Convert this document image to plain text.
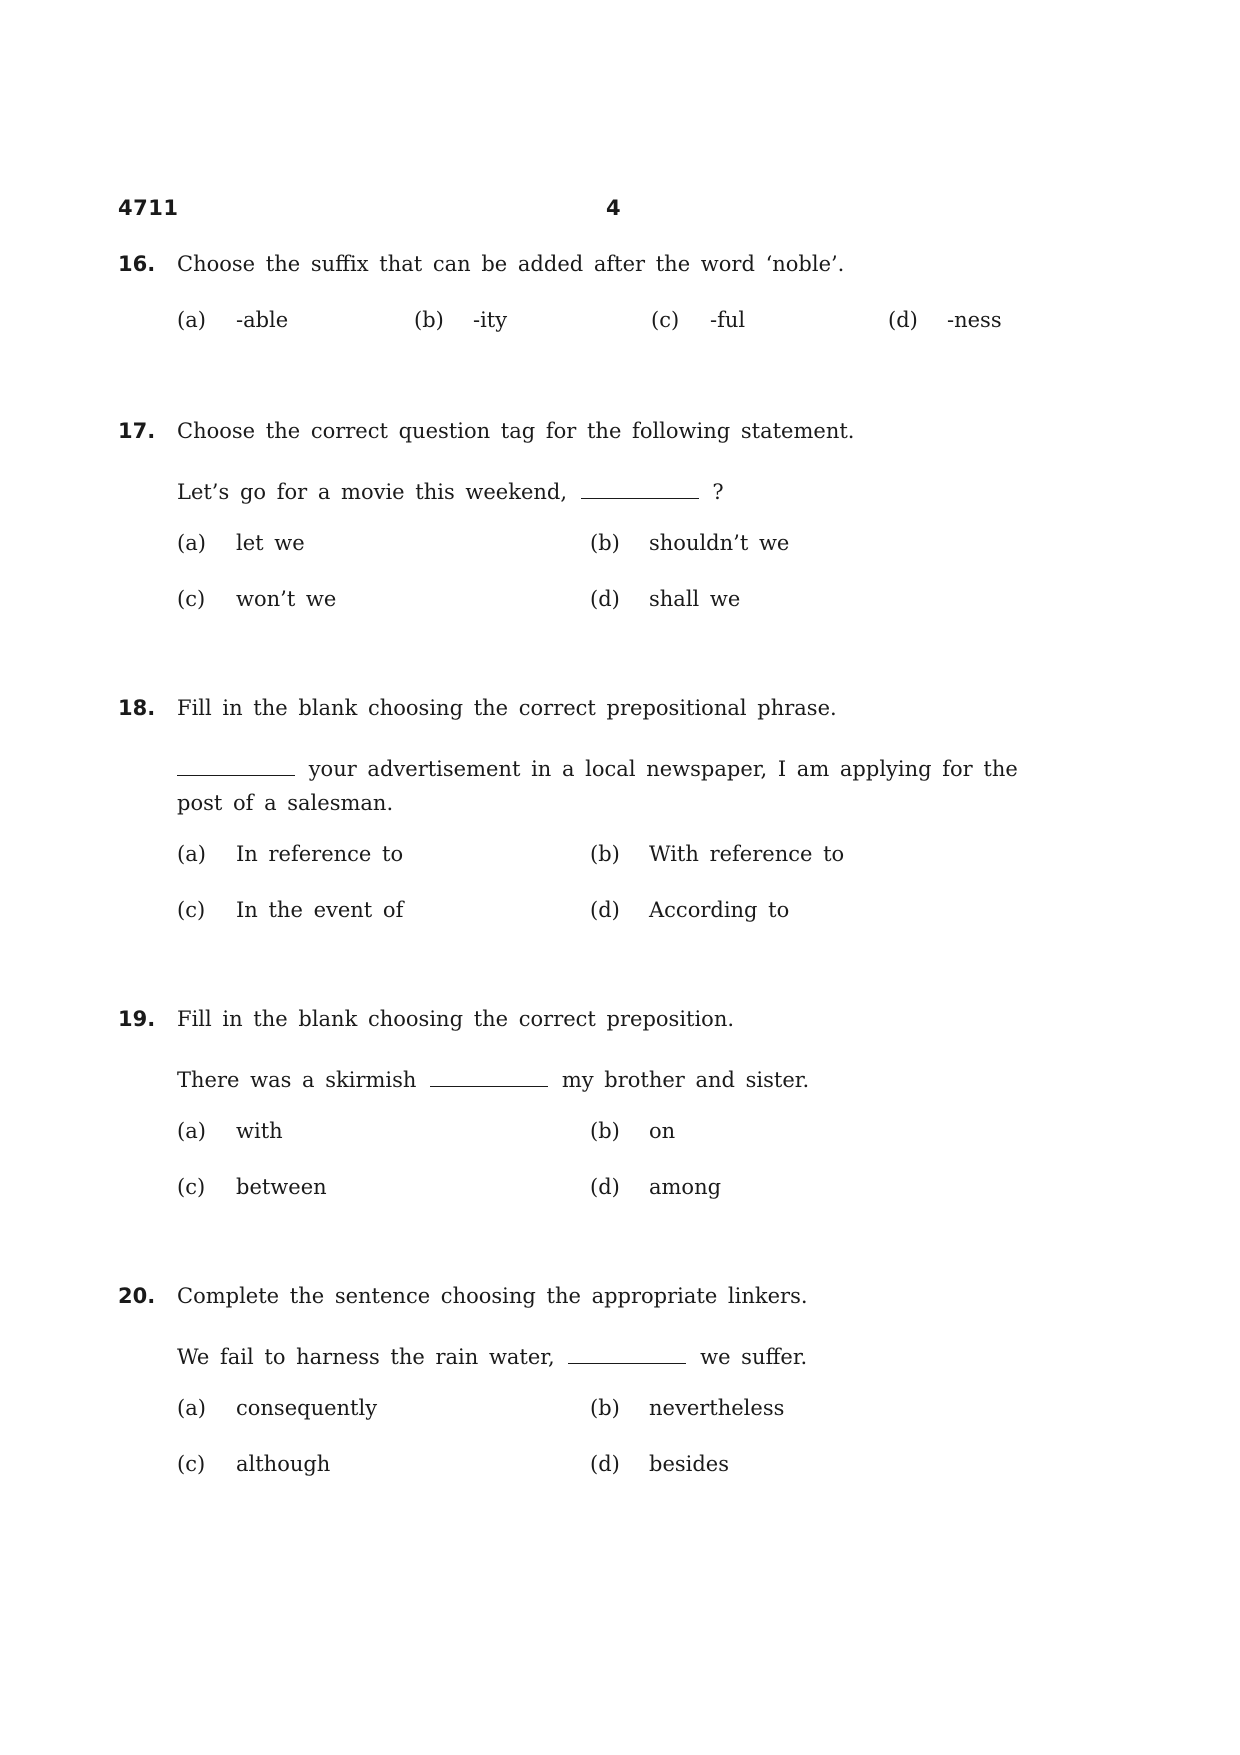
4711	4
16. Choose the suffix that can be added after the word ‘noble’.
(a) -able	(b) -ity	(c) -ful	(d) -ness
17. Choose the correct question tag for the following statement.
Let’s go for a movie this weekend,	?
(a) let we	(b) shouldn’t we
(c) won’t we	(d) shall we
18. Fill in the blank choosing the correct prepositional phrase.
your advertisement in a local newspaper, I am applying for the
post of a salesman.
(a) In reference to	(b) With reference to
(c) In the event of	(d) According to
19. Fill in the blank choosing the correct preposition.
There was a skirmish	my brother and sister.
(a) with	(b) on
(c) between	(d) among
20. Complete the sentence choosing the appropriate linkers.
We fail to harness the rain water,	we suffer.
(a) consequently	(b) nevertheless
(c) although	(d) besides
